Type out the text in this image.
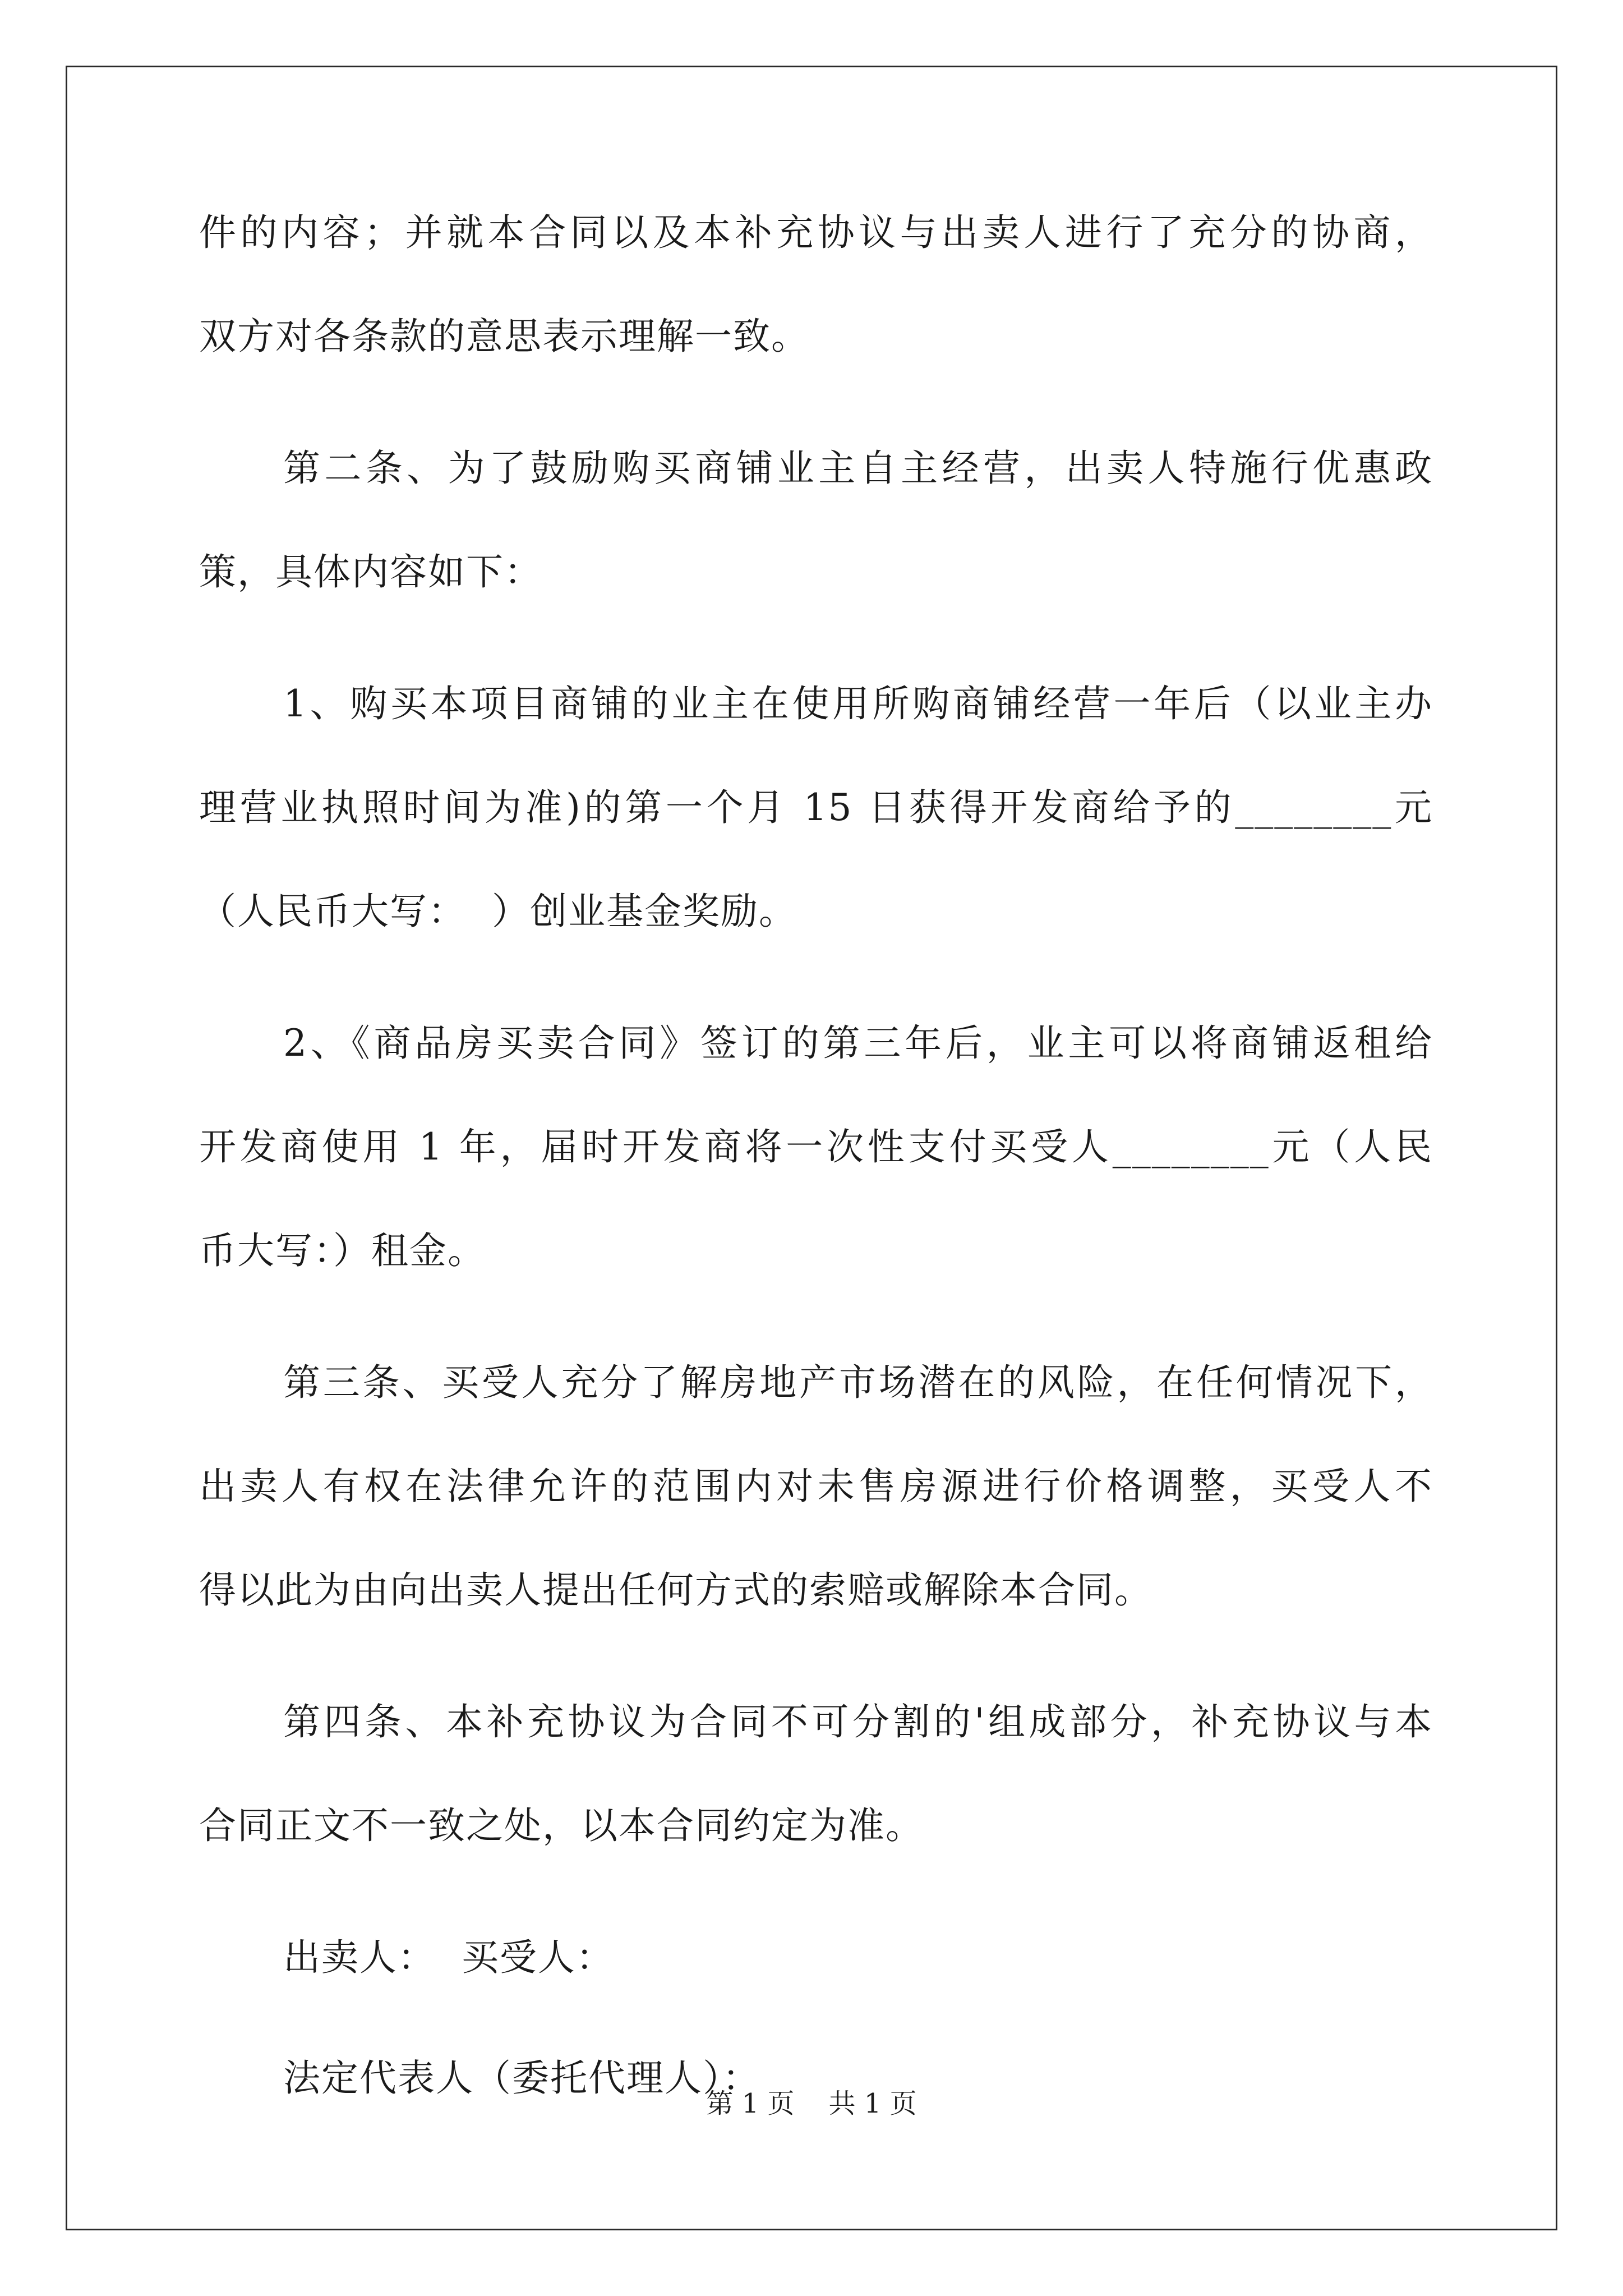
件的内容；并就本合同以及本补充协议与出卖人进行了充分的协商，
双方对各条款的意思表示理解一致。
第二条、为了鼓励购买商铺业主自主经营，出卖人特施行优惠政
策，具体内容如下：
1、购买本项目商铺的业主在使用所购商铺经营一年后（以业主办
理营业执照时间为准)的第一个月 15 日获得开发商给予的________元
（人民币大写：  ）创业基金奖励。
2、《商品房买卖合同》签订的第三年后，业主可以将商铺返租给
开发商使用 1 年，届时开发商将一次性支付买受人________元（人民
币大写：）租金。
第三条、买受人充分了解房地产市场潜在的风险，在任何情况下，
出卖人有权在法律允许的范围内对未售房源进行价格调整，买受人不
得以此为由向出卖人提出任何方式的索赔或解除本合同。
第四条、本补充协议为合同不可分割的'组成部分，补充协议与本
合同正文不一致之处，以本合同约定为准。
出卖人：  买受人：
法定代表人（委托代理人）：
第 1 页    共 1 页
